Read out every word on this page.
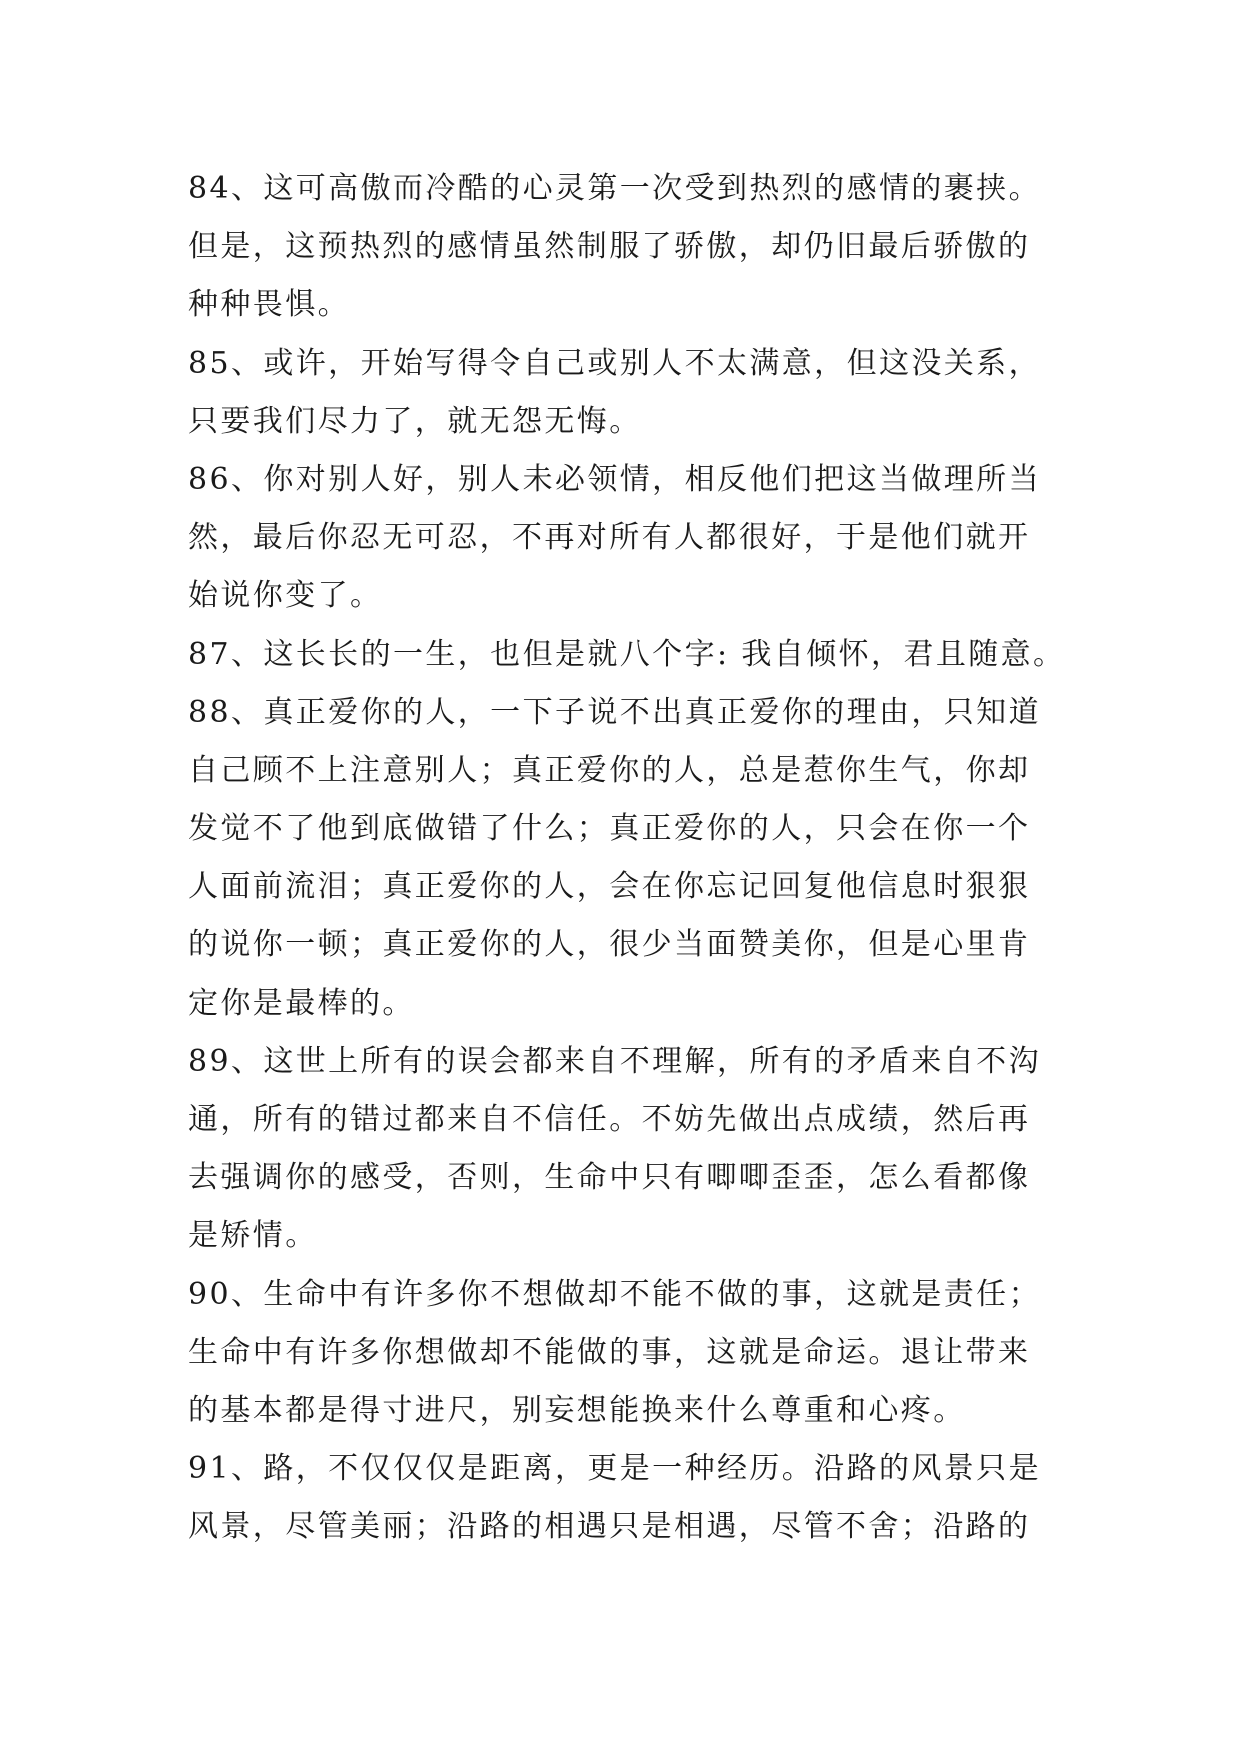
84、这可高傲而冷酷的心灵第一次受到热烈的感情的裹挟。
但是，这预热烈的感情虽然制服了骄傲，却仍旧最后骄傲的
种种畏惧。
85、或许，开始写得令自己或别人不太满意，但这没关系，
只要我们尽力了，就无怨无悔。
86、你对别人好，别人未必领情，相反他们把这当做理所当
然，最后你忍无可忍，不再对所有人都很好，于是他们就开
始说你变了。
87、这长长的一生，也但是就八个字: 我自倾怀，君且随意。
88、真正爱你的人，一下子说不出真正爱你的理由，只知道
自己顾不上注意别人；真正爱你的人，总是惹你生气，你却
发觉不了他到底做错了什么；真正爱你的人，只会在你一个
人面前流泪；真正爱你的人，会在你忘记回复他信息时狠狠
的说你一顿；真正爱你的人，很少当面赞美你，但是心里肯
定你是最棒的。
89、这世上所有的误会都来自不理解，所有的矛盾来自不沟
通，所有的错过都来自不信任。不妨先做出点成绩，然后再
去强调你的感受，否则，生命中只有唧唧歪歪，怎么看都像
是矫情。
90、生命中有许多你不想做却不能不做的事，这就是责任；
生命中有许多你想做却不能做的事，这就是命运。退让带来
的基本都是得寸进尺，别妄想能换来什么尊重和心疼。
91、路，不仅仅仅是距离，更是一种经历。沿路的风景只是
风景，尽管美丽；沿路的相遇只是相遇，尽管不舍；沿路的
